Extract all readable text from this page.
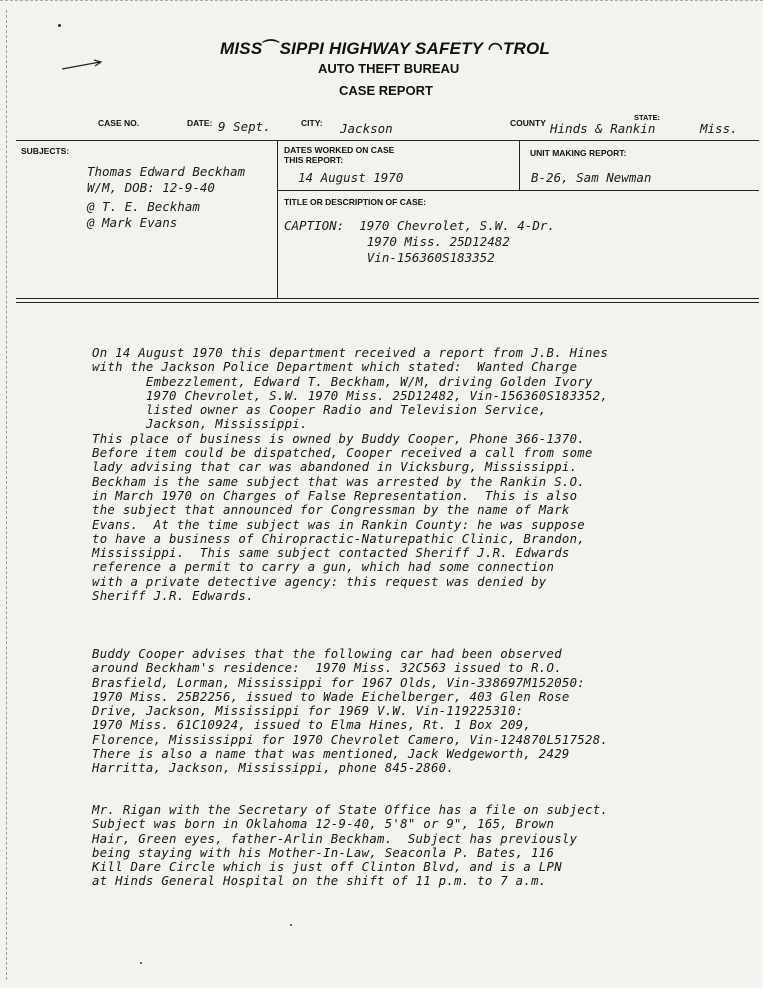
MISS⌒SIPPI HIGHWAY SAFETY ◠TROL
AUTO THEFT BUREAU
CASE REPORT
CASE NO.	DATE: 9 Sept.	CITY: Jackson	COUNTY Hinds & Rankin
STATE:
Miss.
SUBJECTS:
Thomas Edward Beckham
W/M, DOB: 12-9-40
@ T. E. Beckham
@ Mark Evans
DATES WORKED ON CASE
THIS REPORT:
14 August 1970
UNIT MAKING REPORT:
B-26, Sam Newman
TITLE OR DESCRIPTION OF CASE:
CAPTION:  1970 Chevrolet, S.W. 4-Dr.
1970 Miss. 25D12482
Vin-156360S183352

On 14 August 1970 this department received a report from J.B. Hines

with the Jackson Police Department which stated:  Wanted Charge

Embezzlement, Edward T. Beckham, W/M, driving Golden Ivory

1970 Chevrolet, S.W. 1970 Miss. 25D12482, Vin-156360S183352,

listed owner as Cooper Radio and Television Service,

Jackson, Mississippi.

This place of business is owned by Buddy Cooper, Phone 366-1370.

Before item could be dispatched, Cooper received a call from some

lady advising that car was abandoned in Vicksburg, Mississippi.

Beckham is the same subject that was arrested by the Rankin S.O.

in March 1970 on Charges of False Representation.  This is also

the subject that announced for Congressman by the name of Mark

Evans.  At the time subject was in Rankin County: he was suppose

to have a business of Chiropractic-Naturepathic Clinic, Brandon,

Mississippi.  This same subject contacted Sheriff J.R. Edwards

reference a permit to carry a gun, which had some connection

with a private detective agency: this request was denied by

Sheriff J.R. Edwards.

Buddy Cooper advises that the following car had been observed

around Beckham's residence:  1970 Miss. 32C563 issued to R.O.

Brasfield, Lorman, Mississippi for 1967 Olds, Vin-338697M152050:

1970 Miss. 25B2256, issued to Wade Eichelberger, 403 Glen Rose

Drive, Jackson, Mississippi for 1969 V.W. Vin-119225310:

1970 Miss. 61C10924, issued to Elma Hines, Rt. 1 Box 209,

Florence, Mississippi for 1970 Chevrolet Camero, Vin-124870L517528.

There is also a name that was mentioned, Jack Wedgeworth, 2429

Harritta, Jackson, Mississippi, phone 845-2860.

Mr. Rigan with the Secretary of State Office has a file on subject.

Subject was born in Oklahoma 12-9-40, 5'8" or 9", 165, Brown

Hair, Green eyes, father-Arlin Beckham.  Subject has previously

being staying with his Mother-In-Law, Seaconla P. Bates, 116

Kill Dare Circle which is just off Clinton Blvd, and is a LPN

at Hinds General Hospital on the shift of 11 p.m. to 7 a.m.
